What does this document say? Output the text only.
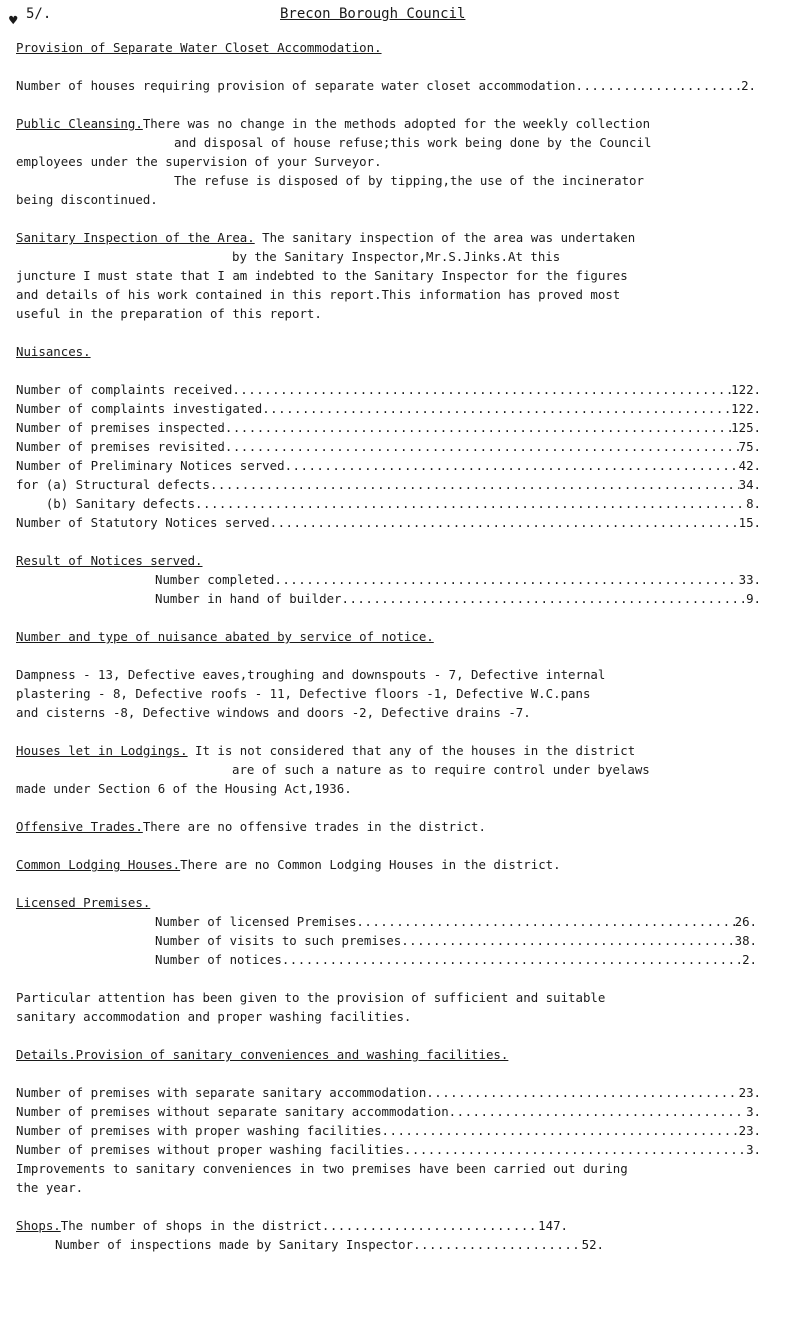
♥ 5/.	Brecon Borough Council

Provision of Separate Water Closet Accommodation.

Number of houses requiring provision of separate water closet accommodation .....	2.

Public Cleansing.There was no change in the methods adopted for the weekly collection

and disposal of house refuse;this work being done by the Council

employees under the supervision of your Surveyor.

The refuse is disposed of by tipping,the use of the incinerator

being discontinued.

Sanitary Inspection of the Area. The sanitary inspection of the area was undertaken

by the Sanitary Inspector,Mr.S.Jinks.At this

juncture I must state that I am indebted to the Sanitary Inspector for the figures

and details of his work contained in this report.This information has proved most

useful in the preparation of this report.

Nuisances.

Number of complaints received .....	122.
Number of complaints investigated .....	122.
Number of premises inspected .....	125.
Number of premises revisited .....	75.
Number of Preliminary Notices served .....	42.
for (a) Structural defects .....	34.
(b) Sanitary defects .....	8.
Number of Statutory Notices served .....	15.

Result of Notices served.

Number completed .....	33.
Number in hand of builder .....	9.

Number and type of nuisance abated by service of notice.

Dampness - 13, Defective eaves,troughing and downspouts - 7, Defective internal

plastering - 8, Defective roofs - 11, Defective floors -1, Defective W.C.pans

and cisterns -8, Defective windows and doors -2, Defective drains -7.

Houses let in Lodgings. It is not considered that any of the houses in the district

are of such a nature as to require control under byelaws

made under Section 6 of the Housing Act,1936.

Offensive Trades.There are no offensive trades in the district.

Common Lodging Houses.There are no Common Lodging Houses in the district.

Licensed Premises.

Number of licensed Premises .....	26.
Number of visits to such premises .....	38.
Number of notices .....	2.

Particular attention has been given to the provision of sufficient and suitable

sanitary accommodation and proper washing facilities.

Details.Provision of sanitary conveniences and washing facilities.

Number of premises with separate sanitary accommodation .....	23.
Number of premises without separate sanitary accommodation .....	3.
Number of premises with proper washing facilities .....	23.
Number of premises without proper washing facilities .....	3.

Improvements to sanitary conveniences in two premises have been carried out during

the year.

Shops.The number of shops in the district .....	147.
Number of inspections made by Sanitary Inspector .....	52.
